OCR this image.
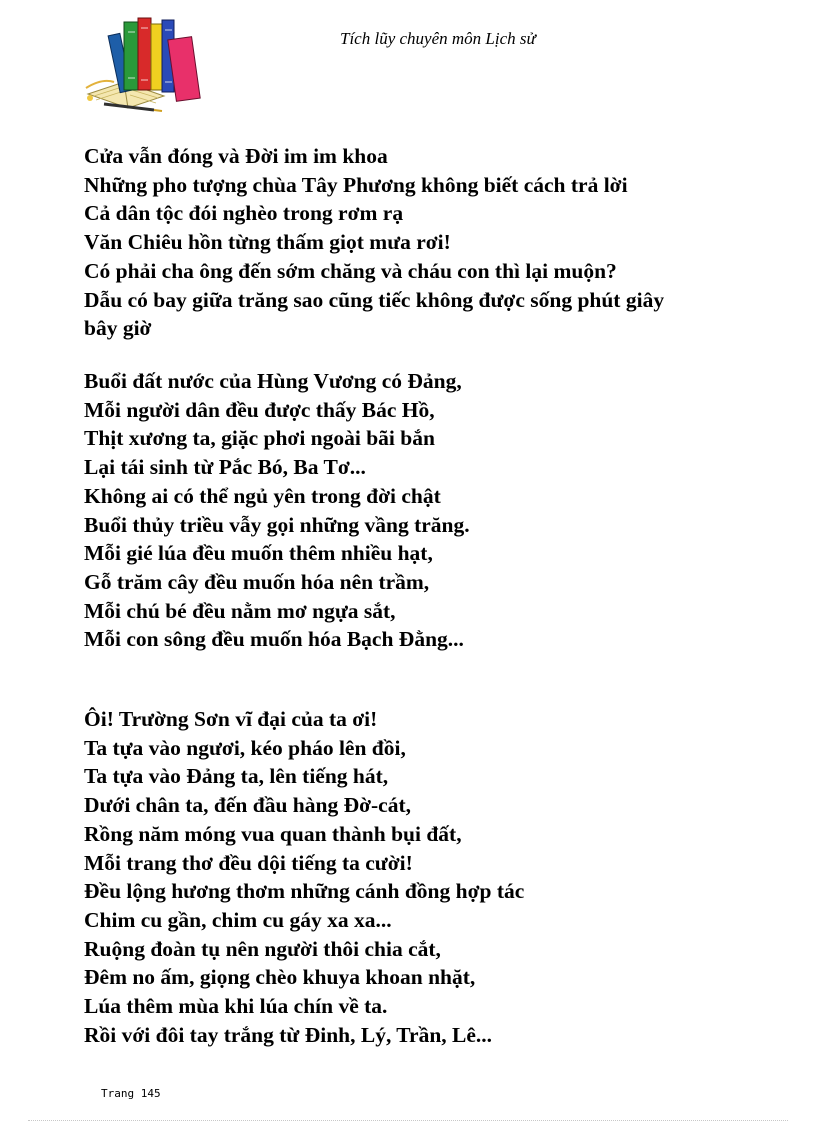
Tích lũy chuyên môn Lịch sử

Cửa vẫn đóng và Đời im im khoa

Những pho tượng chùa Tây Phương không biết cách trả lời

Cả dân tộc đói nghèo trong rơm rạ

Văn Chiêu hồn từng thấm giọt mưa rơi!

Có phải cha ông đến sớm chăng và cháu con thì lại muộn?

Dẫu có bay giữa trăng sao cũng tiếc không được sống phút giây

bây giờ

Buổi đất nước của Hùng Vương có Đảng,

Mỗi người dân đều được thấy Bác Hồ,

Thịt xương ta, giặc phơi ngoài bãi bắn

Lại tái sinh từ Pắc Bó, Ba Tơ...

Không ai có thể ngủ yên trong đời chật

Buổi thủy triều vẫy gọi những vầng trăng.

Mỗi gié lúa đều muốn thêm nhiều hạt,

Gỗ trăm cây đều muốn hóa nên trầm,

Mỗi chú bé đều nằm mơ ngựa sắt,

Mỗi con sông đều muốn hóa Bạch Đằng...

Ôi! Trường Sơn vĩ đại của ta ơi!

Ta tựa vào ngươi, kéo pháo lên đồi,

Ta tựa vào Đảng ta, lên tiếng hát,

Dưới chân ta, đến đầu hàng Đờ-cát,

Rồng năm móng vua quan thành bụi đất,

Mỗi trang thơ đều dội tiếng ta cười!

Đều lộng hương thơm những cánh đồng hợp tác

Chim cu gần, chim cu gáy xa xa...

Ruộng đoàn tụ nên người thôi chia cắt,

Đêm no ấm, giọng chèo khuya khoan nhặt,

Lúa thêm mùa khi lúa chín về ta.

Rồi với đôi tay trắng từ Đinh, Lý, Trần, Lê...

Trang 145
